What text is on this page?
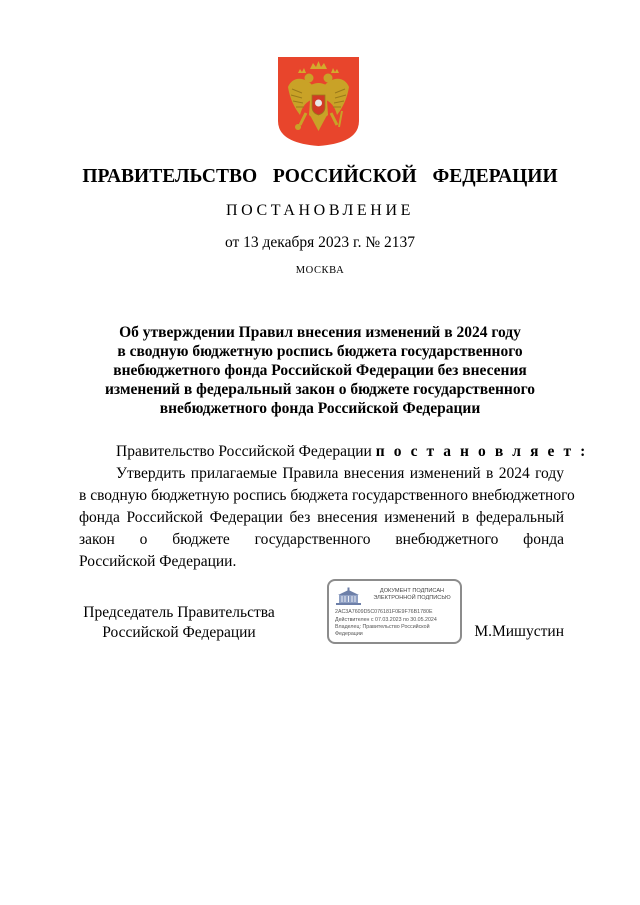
ПРАВИТЕЛЬСТВО  РОССИЙСКОЙ  ФЕДЕРАЦИИ
ПОСТАНОВЛЕНИЕ
от 13 декабря 2023 г. № 2137
МОСКВА
Об утверждении Правил внесения изменений в 2024 году
в сводную бюджетную роспись бюджета государственного
внебюджетного фонда Российской Федерации без внесения
изменений в федеральный закон о бюджете государственного
внебюджетного фонда Российской Федерации
Правительство Российской Федерации п о с т а н о в л я е т :
Утвердить прилагаемые Правила внесения изменений в 2024 году
в сводную бюджетную роспись бюджета государственного внебюджетного
фонда Российской Федерации без внесения изменений в федеральный
закон о бюджете государственного внебюджетного фонда
Российской Федерации.
Председатель Правительства
Российской Федерации
ДОКУМЕНТ ПОДПИСАН
ЭЛЕКТРОННОЙ ПОДПИСЬЮ
2AC3A7609D5C076181F0E9F76B1780E
Действителен с 07.03.2023 по 30.05.2024
Владелец: Правительство Российской
Федерации	М.Мишустин
